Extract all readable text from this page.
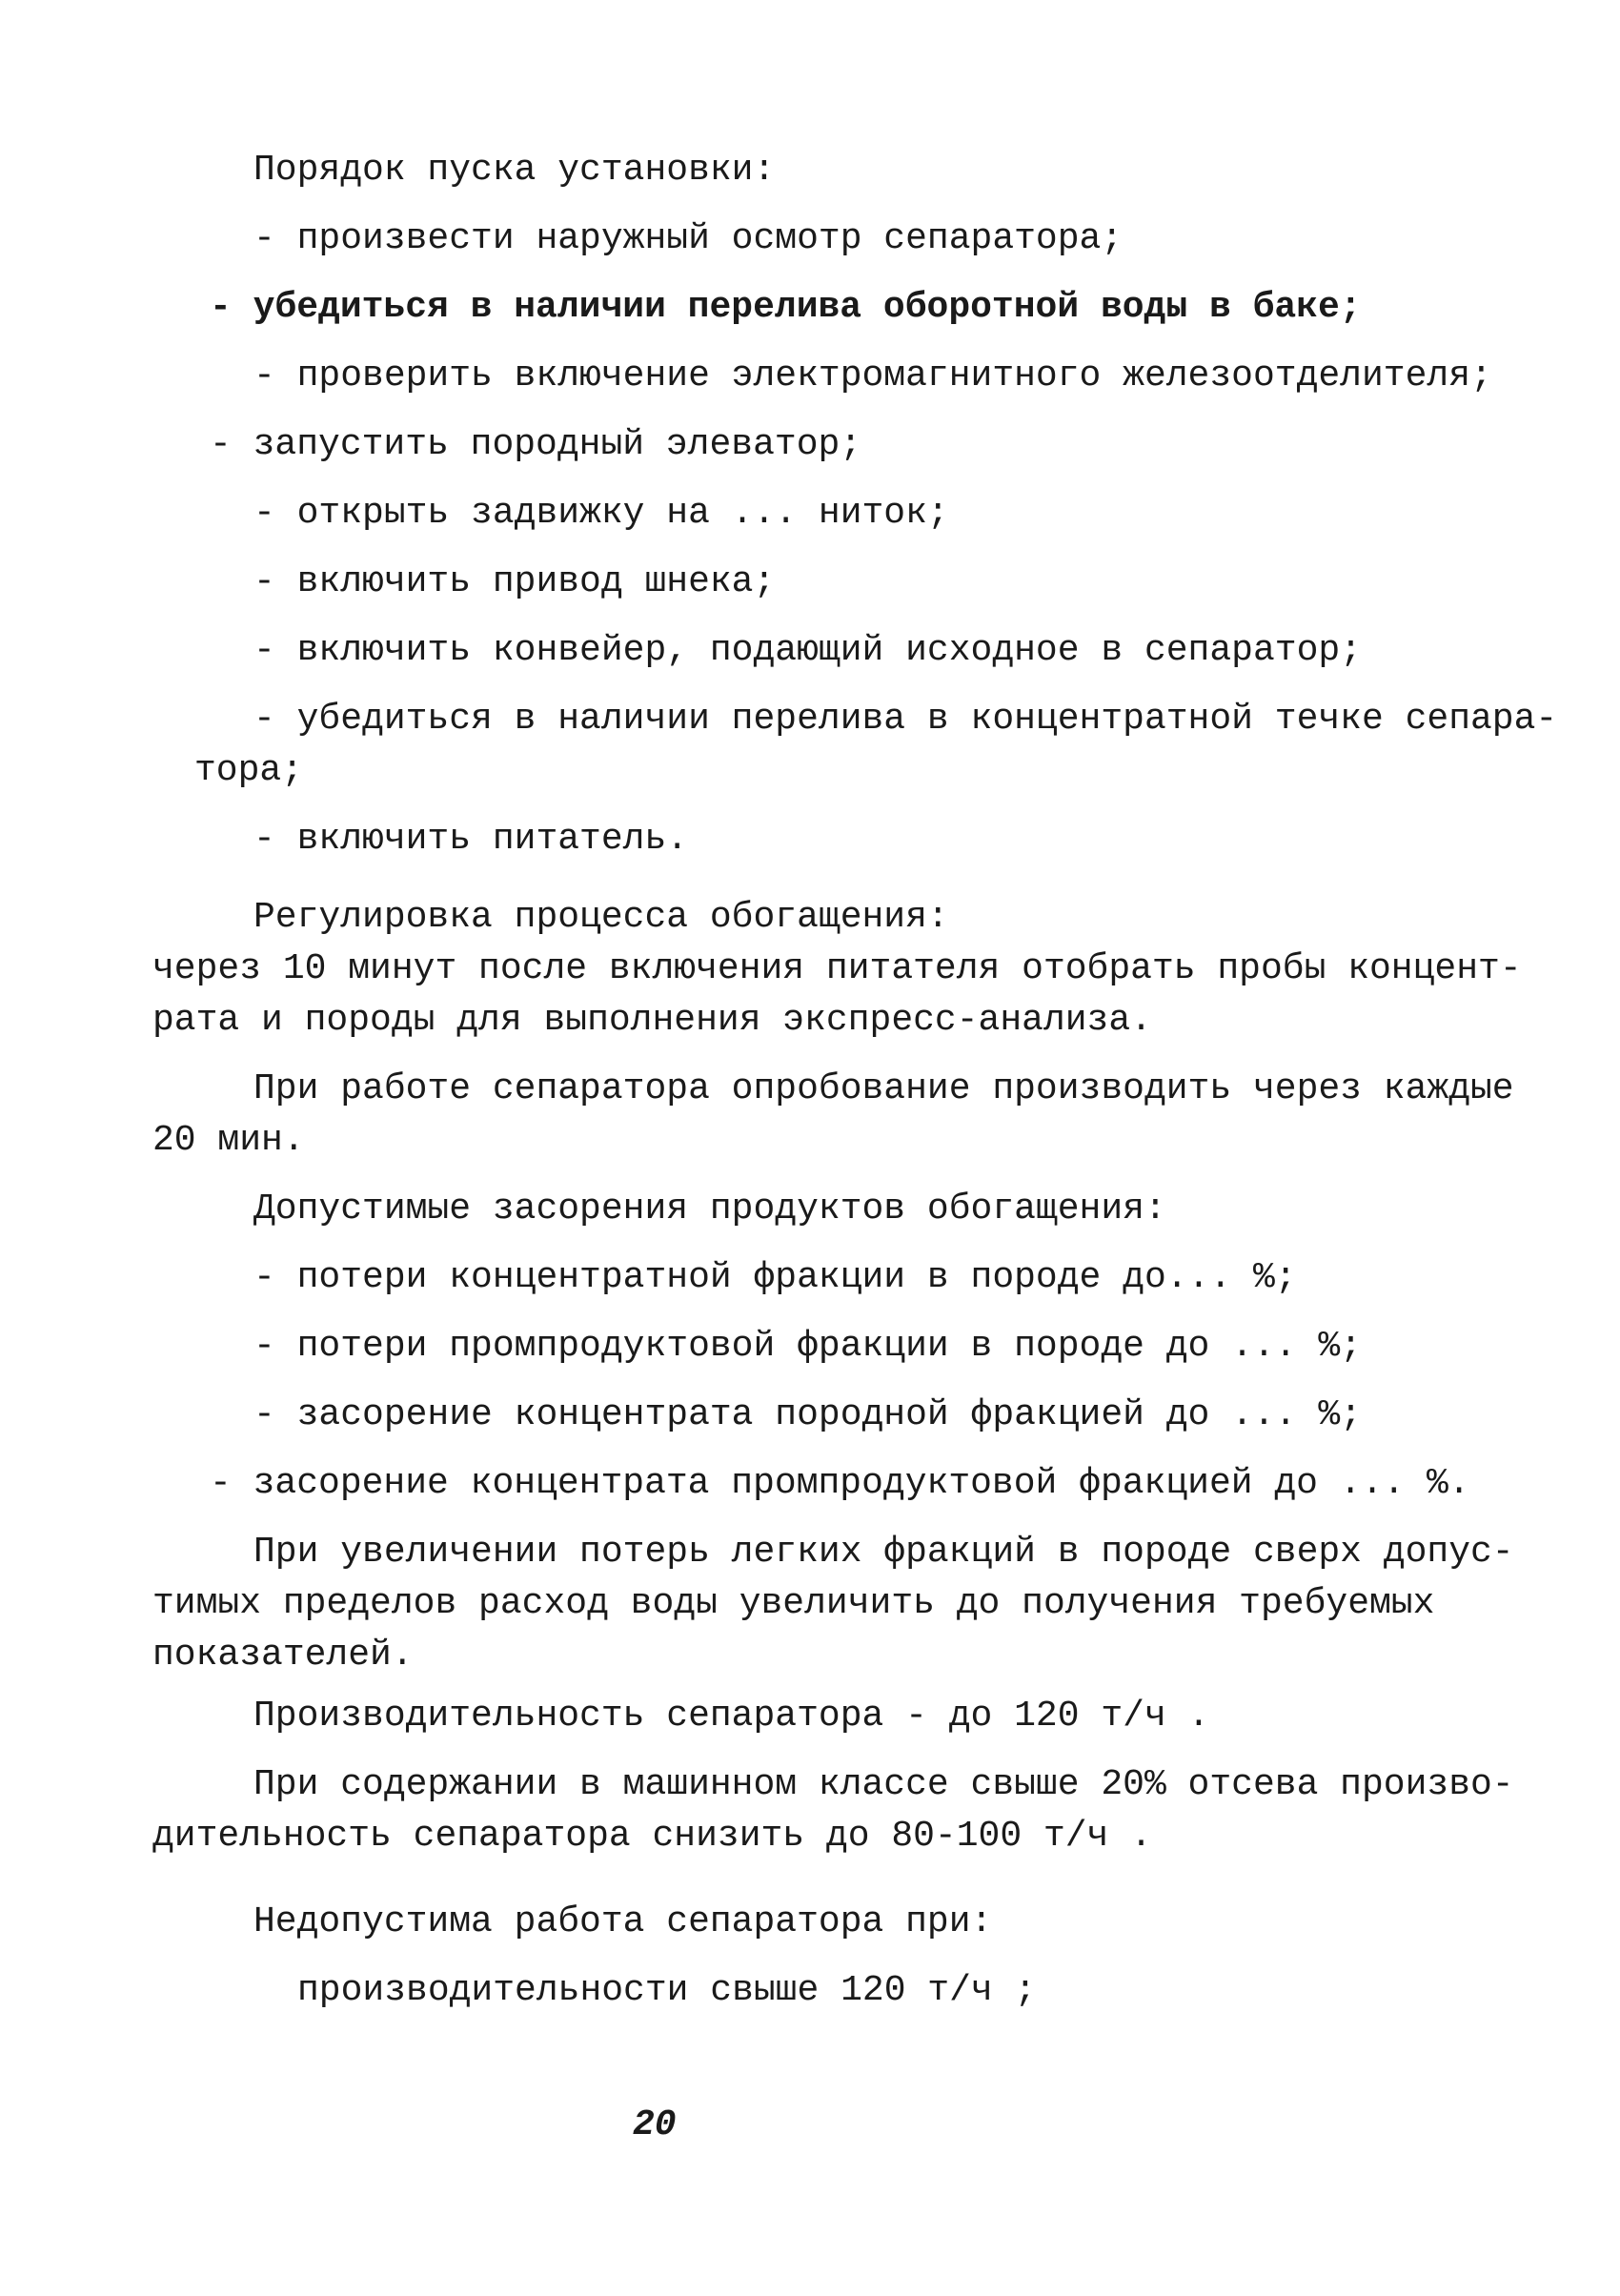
Порядок пуска установки:
- произвести наружный осмотр сепаратора;
- убедиться в наличии перелива оборотной воды в баке;
- проверить включение электромагнитного железоотделителя;
- запустить породный элеватор;
- открыть задвижку на ... ниток;
- включить привод шнека;
- включить конвейер, подающий исходное в сепаратор;
- убедиться в наличии перелива в концентратной течке сепара-
тора;
- включить питатель.
Регулировка процесса обогащения:
через 10 минут после включения питателя отобрать пробы концент-
рата и породы для выполнения экспресс-анализа.
При работе сепаратора опробование производить через каждые
20 мин.
Допустимые засорения продуктов обогащения:
- потери концентратной фракции в породе до... %;
- потери промпродуктовой фракции в породе до ... %;
- засорение концентрата породной фракцией до ... %;
- засорение концентрата промпродуктовой фракцией до ... %.
При увеличении потерь легких фракций в породе сверх допус-
тимых пределов расход воды увеличить до получения требуемых
показателей.
Производительность сепаратора - до 120 т/ч .
При содержании в машинном классе свыше 20% отсева произво-
дительность сепаратора снизить до 80-100 т/ч .
Недопустима работа сепаратора при:
производительности свыше 120 т/ч ;
20
